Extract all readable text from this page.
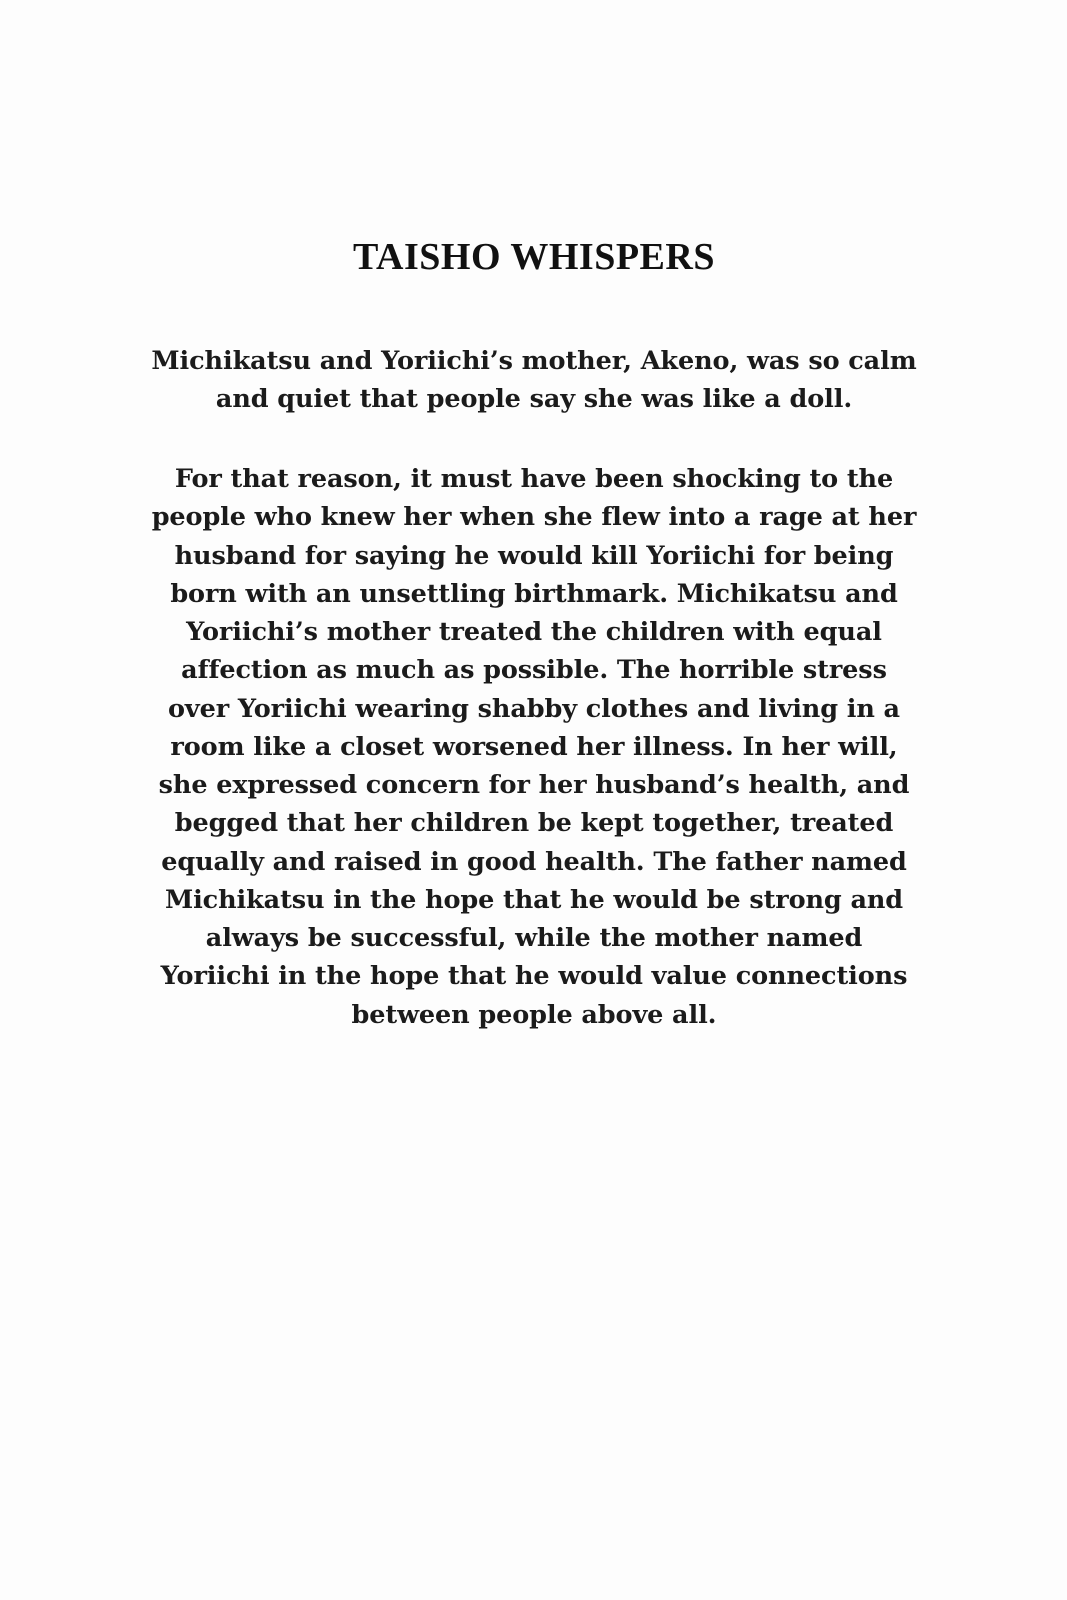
TAISHO WHISPERS

Michikatsu and Yoriichi’s mother, Akeno, was so calm and quiet that people say she was like a doll.

For that reason, it must have been shocking to the people who knew her when she flew into a rage at her husband for saying he would kill Yoriichi for being born with an unsettling birthmark. Michikatsu and Yoriichi’s mother treated the children with equal affection as much as possible. The horrible stress over Yoriichi wearing shabby clothes and living in a room like a closet worsened her illness. In her will, she expressed concern for her husband’s health, and begged that her children be kept together, treated equally and raised in good health. The father named Michikatsu in the hope that he would be strong and always be successful, while the mother named Yoriichi in the hope that he would value connections between people above all.
